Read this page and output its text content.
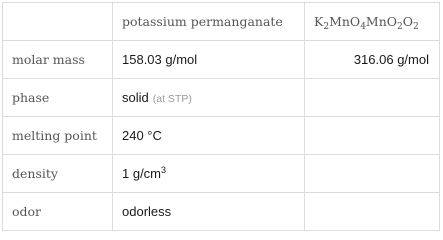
	potassium permanganate	$K_2MnO_4MnO_2O_2$
molar mass	158.03 g/mol	316.06 g/mol
phase	solid (at STP)	
melting point	240 °C	
density	1 $g/cm^3$	
odor	odorless	
